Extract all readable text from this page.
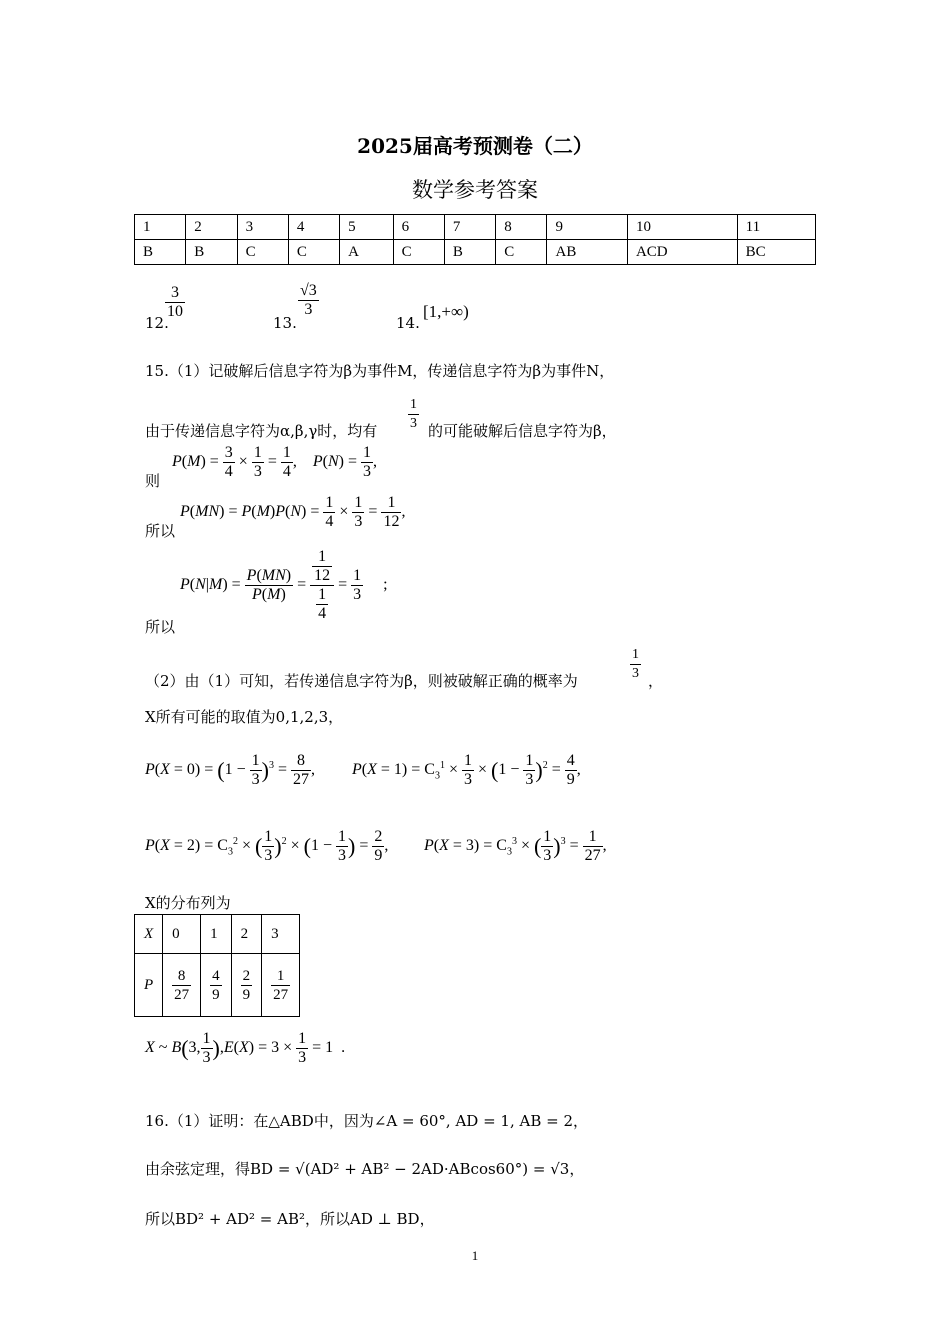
2025届高考预测卷（二）
数学参考答案
1	2	3	4	5	6	7	8	9	10	11
B	B	C	C	A	C	B	C	AB	ACD	BC
12.
$\frac{3}{10}$
13.
$\frac{√3}{3}$
14.
[1,+∞)
15.（1）记破解后信息字符为β为事件M，传递信息字符为β为事件N，
由于传递信息字符为α,β,γ时，均有 $\frac{1}{3}$ 的可能破解后信息字符为β，
则
$P(M) = \frac{3}{4} \times \frac{1}{3} = \frac{1}{4}$ ,    $P(N) = \frac{1}{3}$ ,
所以
$P(MN) = P(M)P(N) = \frac{1}{4} \times \frac{1}{3} = \frac{1}{12}$ ,
所以
$P(N|M) = \frac{P(MN)}{P(M)} = \frac{\frac{1}{12}}{\frac{1}{4}} = \frac{1}{3}$ ;
（2）由（1）可知，若传递信息字符为β，则被破解正确的概率为	$\frac{1}{3}$ ，
X所有可能的取值为0,1,2,3，
$P(X = 0) = (1 - \frac{1}{3} )^3 = \frac{8}{27}$ , $P(X = 1) = C_3^1 \times \frac{1}{3} \times (1 - \frac{1}{3} )^2 = \frac{4}{9}$ ,
$P(X = 2) = C_3^2$ × ( $\frac{1}{3} )^2 \times (1 - \frac{1}{3}$ ) = $\frac{2}{9}$ , $P(X = 3) = C_3^3$ × ( $\frac{1}{3} )^3 = \frac{1}{27}$ ,
X的分布列为
X	0	1	2	3
P	$\frac{8}{27}$	$\frac{4}{9}$	$\frac{2}{9}$	$\frac{1}{27}$
X ~ B(3, $\frac{1}{3} ),E(X) = 3 \times \frac{1}{3} = 1$  .
16.（1）证明：在△ABD中，因为∠A = 60°, AD = 1, AB = 2，
由余弦定理，得BD = √(AD² + AB² − 2AD·ABcos60°) = √3，
所以BD² + AD² = AB²，所以AD ⊥ BD，
1
